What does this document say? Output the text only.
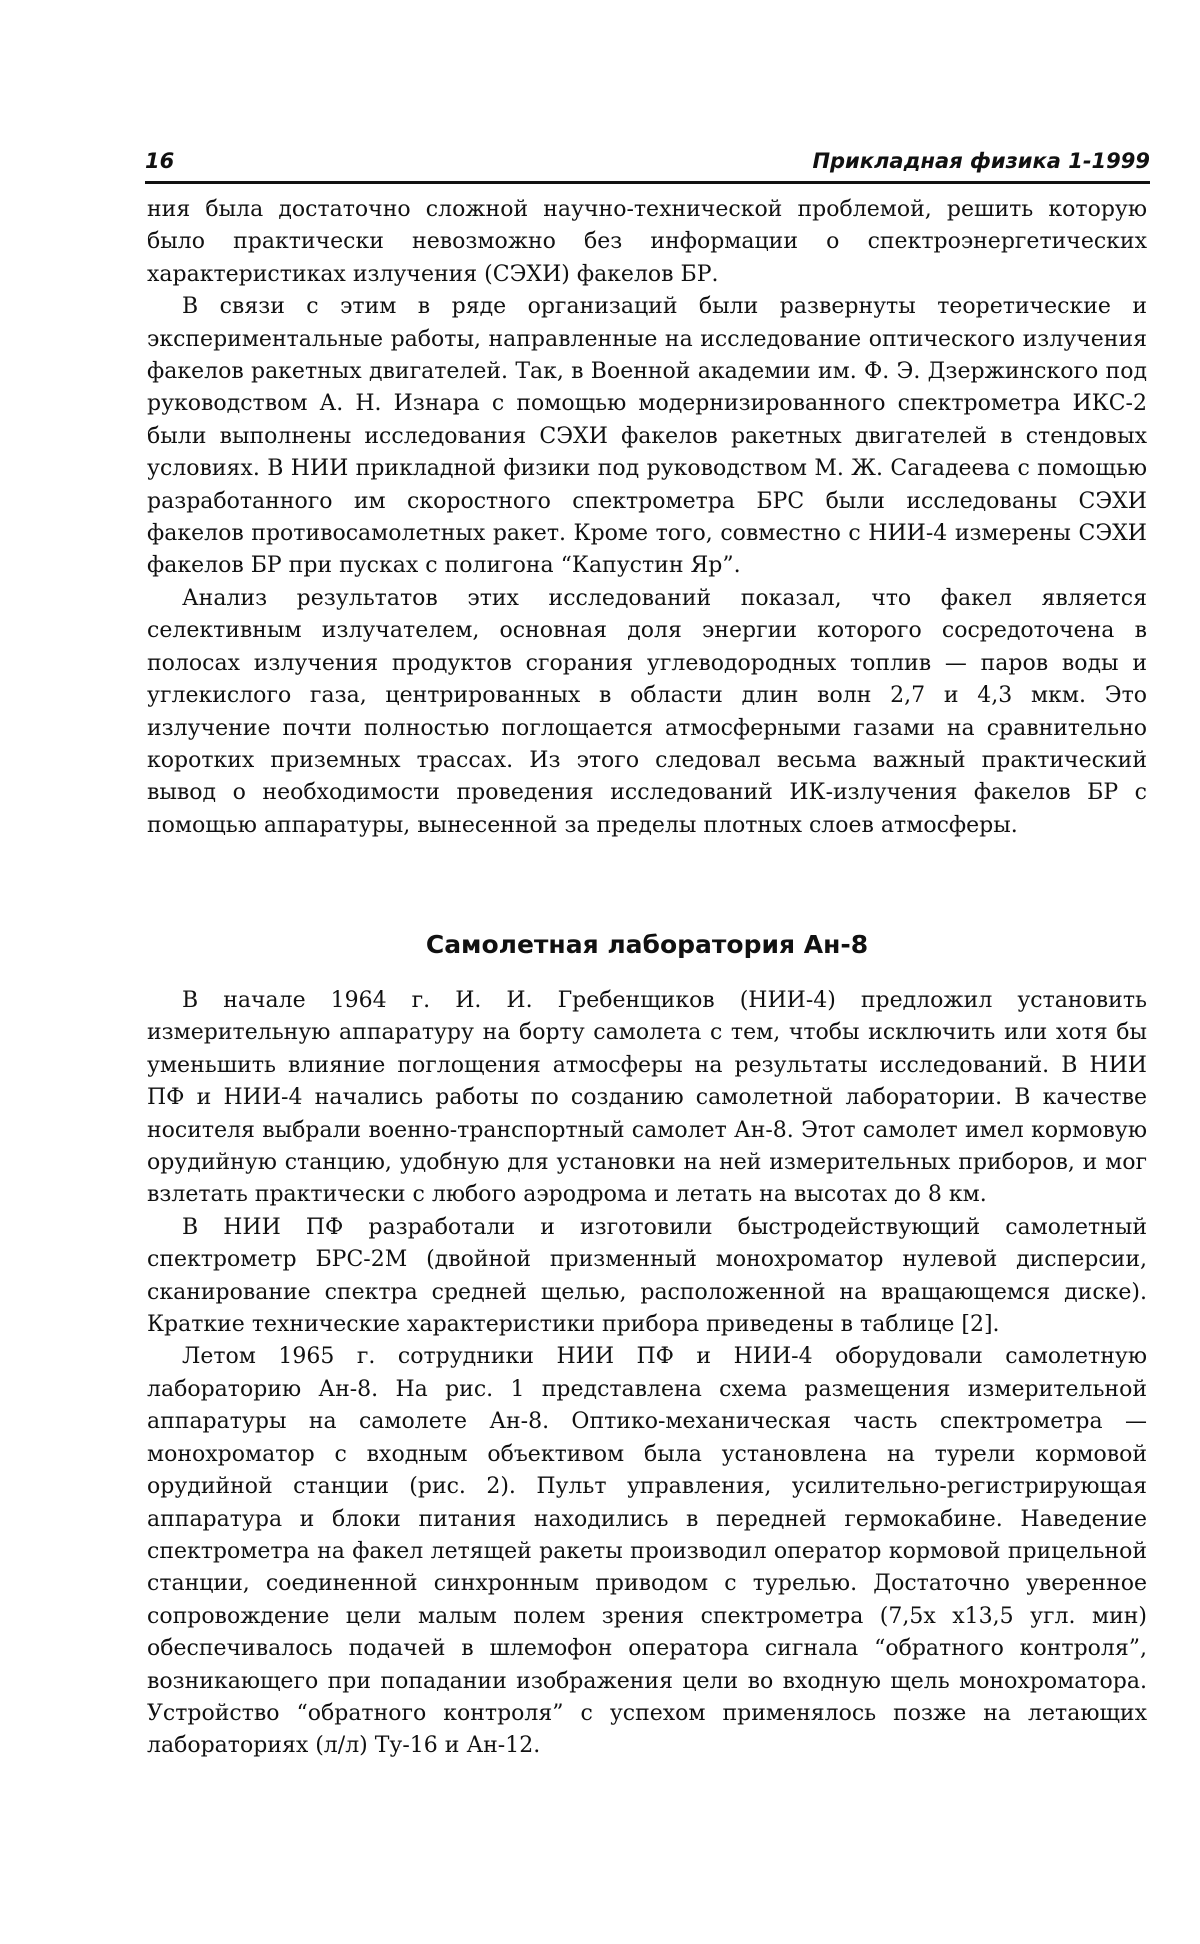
16	Прикладная физика 1-1999

ния была достаточно сложной научно-технической проблемой, решить которую было практически невозможно без информации о спектроэнергетических характеристиках излучения (СЭХИ) факелов БР.

В связи с этим в ряде организаций были развернуты теоретические и экспериментальные работы, направленные на исследование оптического излучения факелов ракетных двигателей. Так, в Военной академии им. Ф. Э. Дзержинского под руководством А. Н. Изнара с помощью модернизированного спектрометра ИКС-2 были выполнены исследования СЭХИ факелов ракетных двигателей в стендовых условиях. В НИИ прикладной физики под руководством М. Ж. Сагадеева с помощью разработанного им скоростного спектрометра БРС были исследованы СЭХИ факелов противосамолетных ракет. Кроме того, совместно с НИИ-4 измерены СЭХИ факелов БР при пусках с полигона “Капустин Яр”.

Анализ результатов этих исследований показал, что факел является селективным излучателем, основная доля энергии которого сосредоточена в полосах излучения продуктов сгорания углеводородных топлив — паров воды и углекислого газа, центрированных в области длин волн 2,7 и 4,3 мкм. Это излучение почти полностью поглощается атмосферными газами на сравнительно коротких приземных трассах. Из этого следовал весьма важный практический вывод о необходимости проведения исследований ИК-излучения факелов БР с помощью аппаратуры, вынесенной за пределы плотных слоев атмосферы.

Самолетная лаборатория Ан-8

В начале 1964 г. И. И. Гребенщиков (НИИ-4) предложил установить измерительную аппаратуру на борту самолета с тем, чтобы исключить или хотя бы уменьшить влияние поглощения атмосферы на результаты исследований. В НИИ ПФ и НИИ-4 начались работы по созданию самолетной лаборатории. В качестве носителя выбрали военно-транспортный самолет Ан-8. Этот самолет имел кормовую орудийную станцию, удобную для установки на ней измерительных приборов, и мог взлетать практически с любого аэродрома и летать на высотах до 8 км.

В НИИ ПФ разработали и изготовили быстродействующий самолетный спектрометр БРС-2М (двойной призменный монохроматор нулевой дисперсии, сканирование спектра средней щелью, расположенной на вращающемся диске). Краткие технические характеристики прибора приведены в таблице [2].

Летом 1965 г. сотрудники НИИ ПФ и НИИ-4 оборудовали самолетную лабораторию Ан-8. На рис. 1 представлена схема размещения измерительной аппаратуры на самолете Ан-8. Оптико-механическая часть спектрометра — монохроматор с входным объективом была установлена на турели кормовой орудийной станции (рис. 2). Пульт управления, усилительно-регистрирующая аппаратура и блоки питания находились в передней гермокабине. Наведение спектрометра на факел летящей ракеты производил оператор кормовой прицельной станции, соединенной синхронным приводом с турелью. Достаточно уверенное сопровождение цели малым полем зрения спектрометра (7,5x x13,5 угл. мин) обеспечивалось подачей в шлемофон оператора сигнала “обратного контроля”, возникающего при попадании изображения цели во входную щель монохроматора. Устройство “обратного контроля” с успехом применялось позже на летающих лабораториях (л/л) Ту-16 и Ан-12.
